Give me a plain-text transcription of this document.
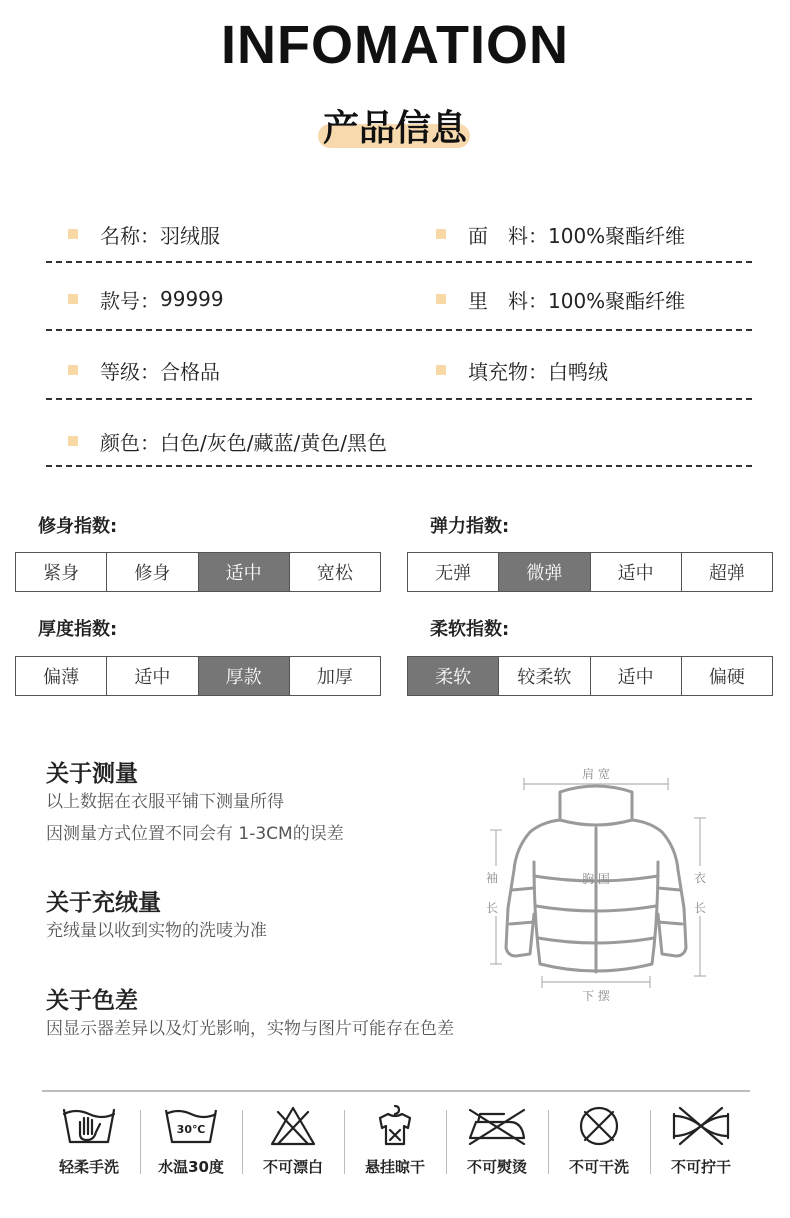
INFOMATION
产品信息
名称： 羽绒服	面　料： 100%聚酯纤维
款号： 99999	里　料： 100%聚酯纤维
等级： 合格品	填充物： 白鸭绒
颜色： 白色/灰色/藏蓝/黄色/黑色
修身指数:
紧身	修身	适中	宽松
弹力指数:
无弹	微弹	适中	超弹
厚度指数:
偏薄	适中	厚款	加厚
柔软指数:
柔软	较柔软	适中	偏硬
关于测量
以上数据在衣服平铺下测量所得
因测量方式位置不同会有 1-3CM的误差
关于充绒量
充绒量以收到实物的洗唛为准
关于色差
因显示器差异以及灯光影响，实物与图片可能存在色差
肩 宽
胸 围
袖
长
衣
长
下 摆
轻柔手洗
30℃
水温30度	不可漂白	悬挂晾干	不可熨烫	不可干洗	不可拧干
